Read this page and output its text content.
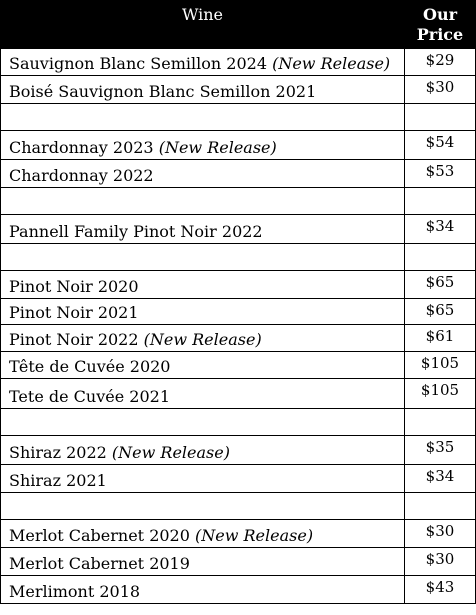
Wine	Our
Price
Sauvignon Blanc Semillon 2024 (New Release)	$29
Boisé Sauvignon Blanc Semillon 2021	$30

Chardonnay 2023 (New Release)	$54
Chardonnay 2022	$53

Pannell Family Pinot Noir 2022	$34

Pinot Noir 2020	$65
Pinot Noir 2021	$65
Pinot Noir 2022 (New Release)	$61
Tête de Cuvée 2020	$105
Tete de Cuvée 2021	$105

Shiraz 2022 (New Release)	$35
Shiraz 2021	$34

Merlot Cabernet 2020 (New Release)	$30
Merlot Cabernet 2019	$30
Merlimont 2018	$43
